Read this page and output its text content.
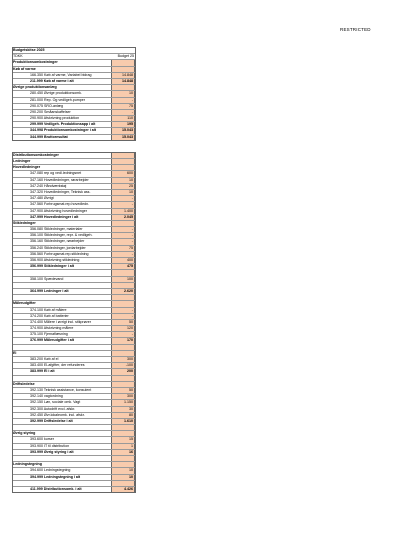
RESTRICTED
Budgetskitse 2025
TDKK	Budget 25
Produktionsomkostninger
Køb af varme
166.350 Køb af varme, Variabel bidrag	14.848
211.999 Køb af varme i alt	14.848
Øvrige produktionsanlæg
280.450 Øvrige produktionsomk.	10
281.000 Rep. Og vedligeh.pumper	-
290.075 SRO-anlæg	75
290.200 Småanskaffelser	-
290.900 Afskrivning produktion	110
299.999 Vedligeh. Produktionsapp i alt	195
344.998 Produktionsomkostninger i alt	15.043
344.999 Bruttoresultat	15.043
Distributionsomkostninger
Ledninger
Hovedledninger
347.080 rep og vedl.ledningsnet	600
347.160 Hovedledninger, rørarbejder	10
347.240 Håndværkstøj	25
347.320 Hovedledninger, Teknisk ass.	10
347.480 Øvrigt	-
347.560 Forbrugsmat.rep.hovedledn.	-
347.900 Afskrivning hovedledninger	1.400
347.999 Hovedledninger i alt	2.045
Stikledninger
356.080 Stikledninger, materialer	-
356.100 Stikledninger, repr. & vedligeh.	-
356.160 Stikledninger, rørarbejder	-
356.240 Stikledninger, jordarbejder	75
356.560 Forbrugsmat.rep.stikledning	-
356.900 Afskrivning stikledning	400
356.999 Stikledninger i alt	475
358.100 Spædevand	100
364.999 Ledninger i alt	2.620
Målerudgifter
374.100 Køb af målere	-
374.200 Køb af batterier	-
374.400 Målere i øvrigt incl. stikprøver	50
374.900 Afskrivning målere	120
375.100 Fjernaflæsning	-
376.999 Målerudgifter i alt	170
El
383.200 Køb af el	300
383.400 El-afgifter, der refunderes	-100
383.999 El i alt	200
Driftsledelse
392.130 Teknisk assistance, konsulent	50
392.140 vagtordning	300
392.150 Løn, sociale omk. Vagt	1.150
392.300 Autodrift excl. afskr.	30
392.450 Øvr.lokaleomk. incl. afskr.	80
392.999 Driftsledelse i alt	1.610
Øvrig styring
393.600 kurser	15
393.900 IT til distribution	1
393.999 Øvrig styring i alt	16
Ledningstegning
394.600 Ledningstegning	10
394.999 Ledningstegning i alt	10
411.999 Distributionsomk. i alt	4.426
